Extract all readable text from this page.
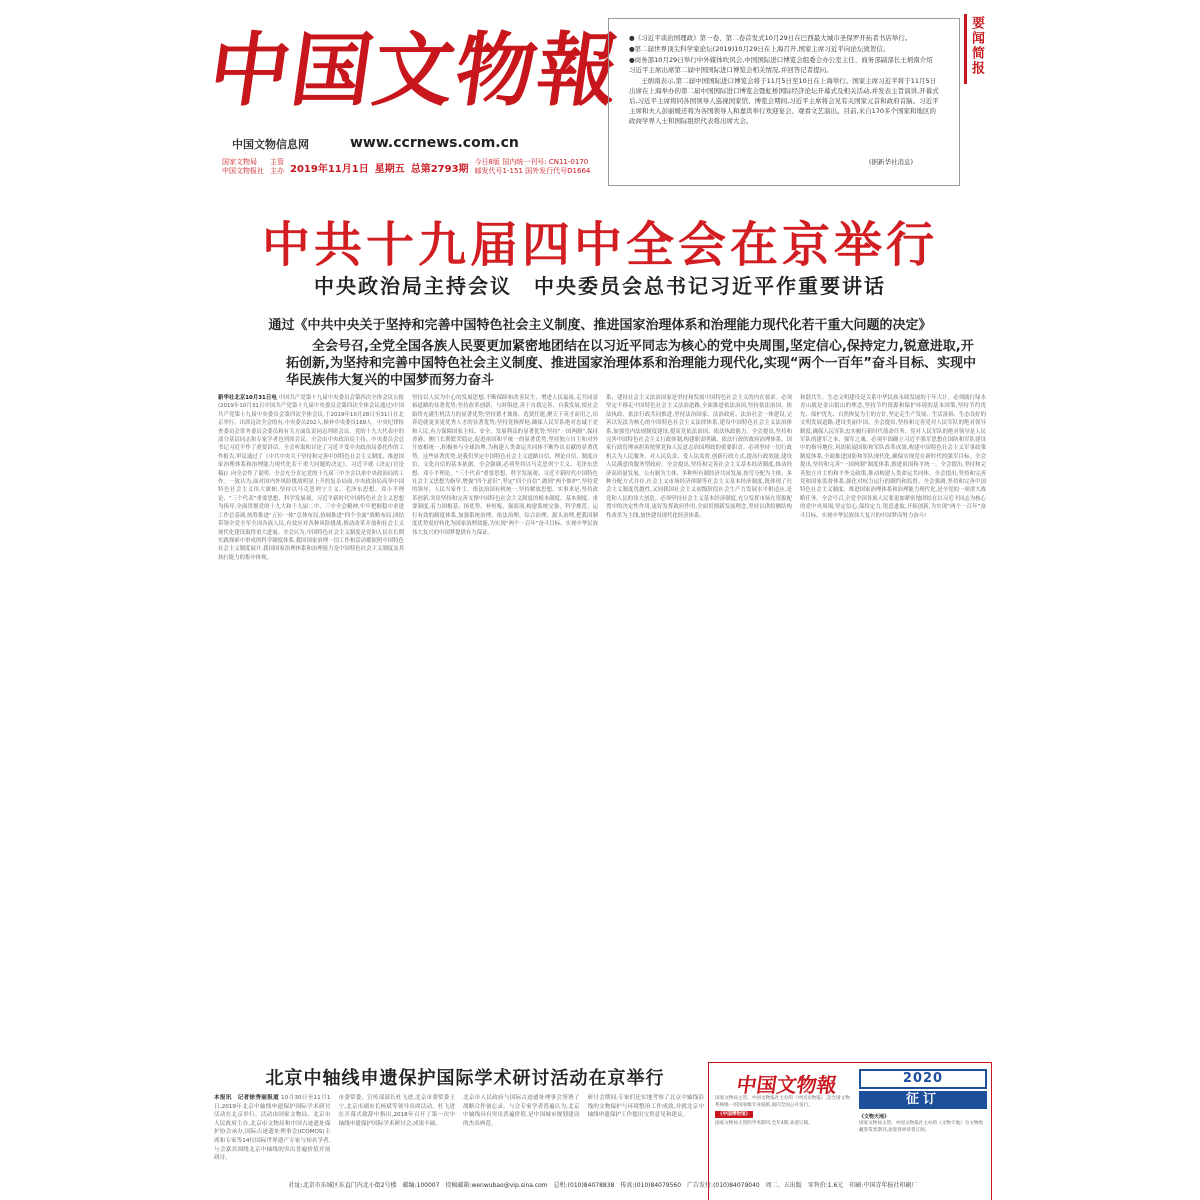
中国文物報
中国文物信息网	www.ccrnews.com.cn
国家文物局
中国文物报社
主管
主办 2019年11月1日 星期五 总第2793期
今日8版 国内统一刊号: CN11-0170
邮发代号1-151 国外发行代号D1664

●《习近平谈治国理政》第一卷、第二卷首发式10月29日在巴西最大城市圣保罗开拓者书店举行。

●第二届世界顶尖科学家论坛(2019)10月29日在上海召开,国家主席习近平向论坛致贺信。

●商务部10月29日举行中外媒体吹风会,中国国际进口博览会组委会办公室主任、商务部副部长王炳南介绍习近平主席出席第二届中国国际进口博览会相关情况,并回答记者提问。

王炳南表示,第二届中国国际进口博览会将于11月5日至10日在上海举行。国家主席习近平将于11月5日出席在上海举办的第二届中国国际进口博览会暨虹桥国际经济论坛开幕式及相关活动,并发表主旨演讲,开幕式后,习近平主席将同各国领导人巡视国家馆、博览会期间,习近平主席将会见有关国家元首和政府首脑。习近平主席和夫人彭丽媛还将为各国领导人和嘉宾举行欢迎宴会、观看文艺演出。目前,来自170多个国家和地区的政商学界人士和国际组织代表将出席大会。

(据新华社消息)
要闻简报
中共十九届四中全会在京举行
中央政治局主持会议　中央委员会总书记习近平作重要讲话
通过《中共中央关于坚持和完善中国特色社会主义制度、推进国家治理体系和治理能力现代化若干重大问题的决定》
全会号召,全党全国各族人民要更加紧密地团结在以习近平同志为核心的党中央周围,坚定信心,保持定力,锐意进取,开拓创新,为坚持和完善中国特色社会主义制度、推进国家治理体系和治理能力现代化,实现“两个一百年”奋斗目标、实现中华民族伟大复兴的中国梦而努力奋斗
新华社北京10月31日电 中国共产党第十九届中央委员会第四次全体会议公报(2019年10月31日中国共产党第十九届中央委员会第四次全体会议通过)中国共产党第十九届中央委员会第四次全体会议,于2019年10月28日至31日在北京举行。出席这次全会的有,中央委员202人,候补中央委员169人。中央纪律检查委员会常务委员会委员和有关方面负责同志列席会议。党的十九大代表中的部分基层同志和专家学者也列席会议。全会由中央政治局主持。中央委员会总书记习近平作了重要讲话。全会听取和讨论了习近平受中央政治局委托作的工作报告,审议通过了《中共中央关于坚持和完善中国特色社会主义制度、推进国家治理体系和治理能力现代化若干重大问题的决定》。习近平就《决定(讨论稿)》向全会作了说明。全会充分肯定党的十九届三中全会以来中央政治局的工作。一致认为,面对国内外风险挑战明显上升的复杂局面,中央政治局高举中国特色社会主义伟大旗帜,坚持以马克思列宁主义、毛泽东思想、邓小平理论、“三个代表”重要思想、科学发展观、习近平新时代中国特色社会主义思想为指导,全面贯彻党的十九大和十九届二中、三中全会精神,牢牢把握稳中求进工作总基调,统筹推进“五位一体”总体布局,协调推进“四个全面”战略布局,团结带领全党全军全国各族人民,有效应对各种风险挑战,推动改革开放和社会主义现代化建设取得重大进展。全会认为,中国特色社会主义制度是党和人民在长期实践探索中形成的科学制度体系,我国国家治理一切工作和活动都依照中国特色社会主义制度展开,我国国家治理体系和治理能力是中国特色社会主义制度及其执行能力的集中体现。
坚持以人民为中心的发展思想,不断保障和改善民生、增进人民福祉,走共同富裕道路的显著优势;坚持改革创新、与时俱进,善于自我完善、自我发展,使社会始终充满生机活力的显著优势;坚持德才兼备、选贤任能,聚天下英才而用之,培养造就更多更优秀人才的显著优势;坚持党指挥枪,确保人民军队绝对忠诚于党和人民,有力保障国家主权、安全、发展利益的显著优势;坚持“一国两制”,保持香港、澳门长期繁荣稳定,促进祖国和平统一的显著优势;坚持独立自主和对外开放相统一,积极参与全球治理,为构建人类命运共同体不断作出贡献的显著优势。这些显著优势,是我们坚定中国特色社会主义道路自信、理论自信、制度自信、文化自信的基本依据。全会强调,必须坚持以马克思列宁主义、毛泽东思想、邓小平理论、“三个代表”重要思想、科学发展观、习近平新时代中国特色社会主义思想为指导,增强“四个意识”,坚定“四个自信”,做到“两个维护”,坚持党的领导、人民当家作主、依法治国有机统一,坚持解放思想、实事求是,坚持改革创新,突出坚持和完善支撑中国特色社会主义制度的根本制度、基本制度、重要制度,着力固根基、扬优势、补短板、强弱项,构建系统完备、科学规范、运行有效的制度体系,加强系统治理、依法治理、综合治理、源头治理,把我国制度优势更好转化为国家治理效能,为实现“两个一百年”奋斗目标、实现中华民族伟大复兴的中国梦提供有力保证。
系、建设社会主义法治国家是坚持和发展中国特色社会主义的内在要求。必须坚定不移走中国特色社会主义法治道路,全面推进依法治国,坚持依法治国、依法执政、依法行政共同推进,坚持法治国家、法治政府、法治社会一体建设,完善以宪法为核心的中国特色社会主义法律体系,建设中国特色社会主义法治体系,加强党内法规制度建设,提高党依法治国、依法执政能力。全会提出,坚持和完善中国特色社会主义行政体制,构建职责明确、依法行政的政府治理体系。国家行政管理承担着按照党和人民意志治国理政的重要职责。必须坚持一切行政机关为人民服务、对人民负责、受人民监督,创新行政方式,提高行政效能,建设人民满意的服务型政府。全会提出,坚持和完善社会主义基本经济制度,推动经济高质量发展。公有制为主体、多种所有制经济共同发展,按劳分配为主体、多种分配方式并存,社会主义市场经济体制等社会主义基本经济制度,既体现了社会主义制度优越性,又同我国社会主义初级阶段社会生产力发展水平相适应,是党和人民的伟大创造。必须坚持社会主义基本经济制度,充分发挥市场在资源配置中的决定性作用,更好发挥政府作用,全面贯彻新发展理念,坚持以供给侧结构性改革为主线,加快建设现代化经济体系。
和谐共生。生态文明建设是关系中华民族永续发展的千年大计。必须践行绿水青山就是金山银山的理念,坚持节约资源和保护环境的基本国策,坚持节约优先、保护优先、自然恢复为主的方针,坚定走生产发展、生活富裕、生态良好的文明发展道路,建设美丽中国。全会提出,坚持和完善党对人民军队的绝对领导制度,确保人民军队忠实履行新时代使命任务。党对人民军队的绝对领导是人民军队的建军之本、强军之魂。必须牢固确立习近平强军思想在国防和军队建设中的指导地位,巩固拓展国防和军队改革成果,构建中国特色社会主义军事政策制度体系,全面推进国防和军队现代化,确保实现党在新时代的强军目标。全会提出,坚持和完善“一国两制”制度体系,推进祖国和平统一。全会提出,坚持和完善独立自主的和平外交政策,推动构建人类命运共同体。全会提出,坚持和完善党和国家监督体系,强化对权力运行的制约和监督。全会强调,坚持和完善中国特色社会主义制度、推进国家治理体系和治理能力现代化,是全党的一项重大战略任务。全会号召,全党全国各族人民要更加紧密地团结在以习近平同志为核心的党中央周围,坚定信心,保持定力,锐意进取,开拓创新,为实现“两个一百年”奋斗目标、实现中华民族伟大复兴的中国梦而努力奋斗!
北京中轴线申遗保护国际学术研讨活动在京举行
本报讯　记者徐秀丽报道 10月30日至11月1日,2019年北京中轴线申遗保护国际学术研讨活动在北京举行。活动由国家文物局、北京市人民政府主办,北京市文物局和中国古迹遗址保护协会承办,国际古迹遗址理事会(ICOMOS)主席和专家等14位国际世界遗产专家与知名学者,与会嘉宾围绕北京中轴线的突出普遍价值开展研讨。
市委常委、宣传部部长杜飞进,北京市委常委王宁,北京市副市长杨斌等领导出席活动。杜飞进在开幕式致辞中指出,2018年召开了第一次中轴线申遗保护国际学术研讨会,成果丰硕。
北京市人民政府与国际古迹遗址理事会签署了战略合作备忘录。与会专家学者普遍认为,北京中轴线具有突出普遍价值,是中国城市规划建设的杰出典范。
研讨会期间,专家们还实地考察了北京中轴线沿线的文物保护与环境整治工作成效,并就北京中轴线申遗保护工作提出宝贵意见和建议。
中国文物報
国家文物局主管、中国文物报社主办的《中国文物报》,是全国文物系统唯一的国家级专业报纸,面向全国公开发行。
《中国博物馆》
国家文物局主管的学术期刊,全年4期,欢迎订阅。
2020
征订
《文物天地》
国家文物局主管、中国文物报社主办的《文物天地》为文物收藏鉴赏类期刊,欢迎各界读者订阅。
社址:北京市东城区东直门内北小街2号楼　邮编:100007　投稿邮箱:wenwubao@vip.sina.com　总机:(010)84078838　传真:(010)84079560　广告发行:(010)84079040　周二、五出版　零售价:1.6元　印刷:中国青年报社印刷厂
